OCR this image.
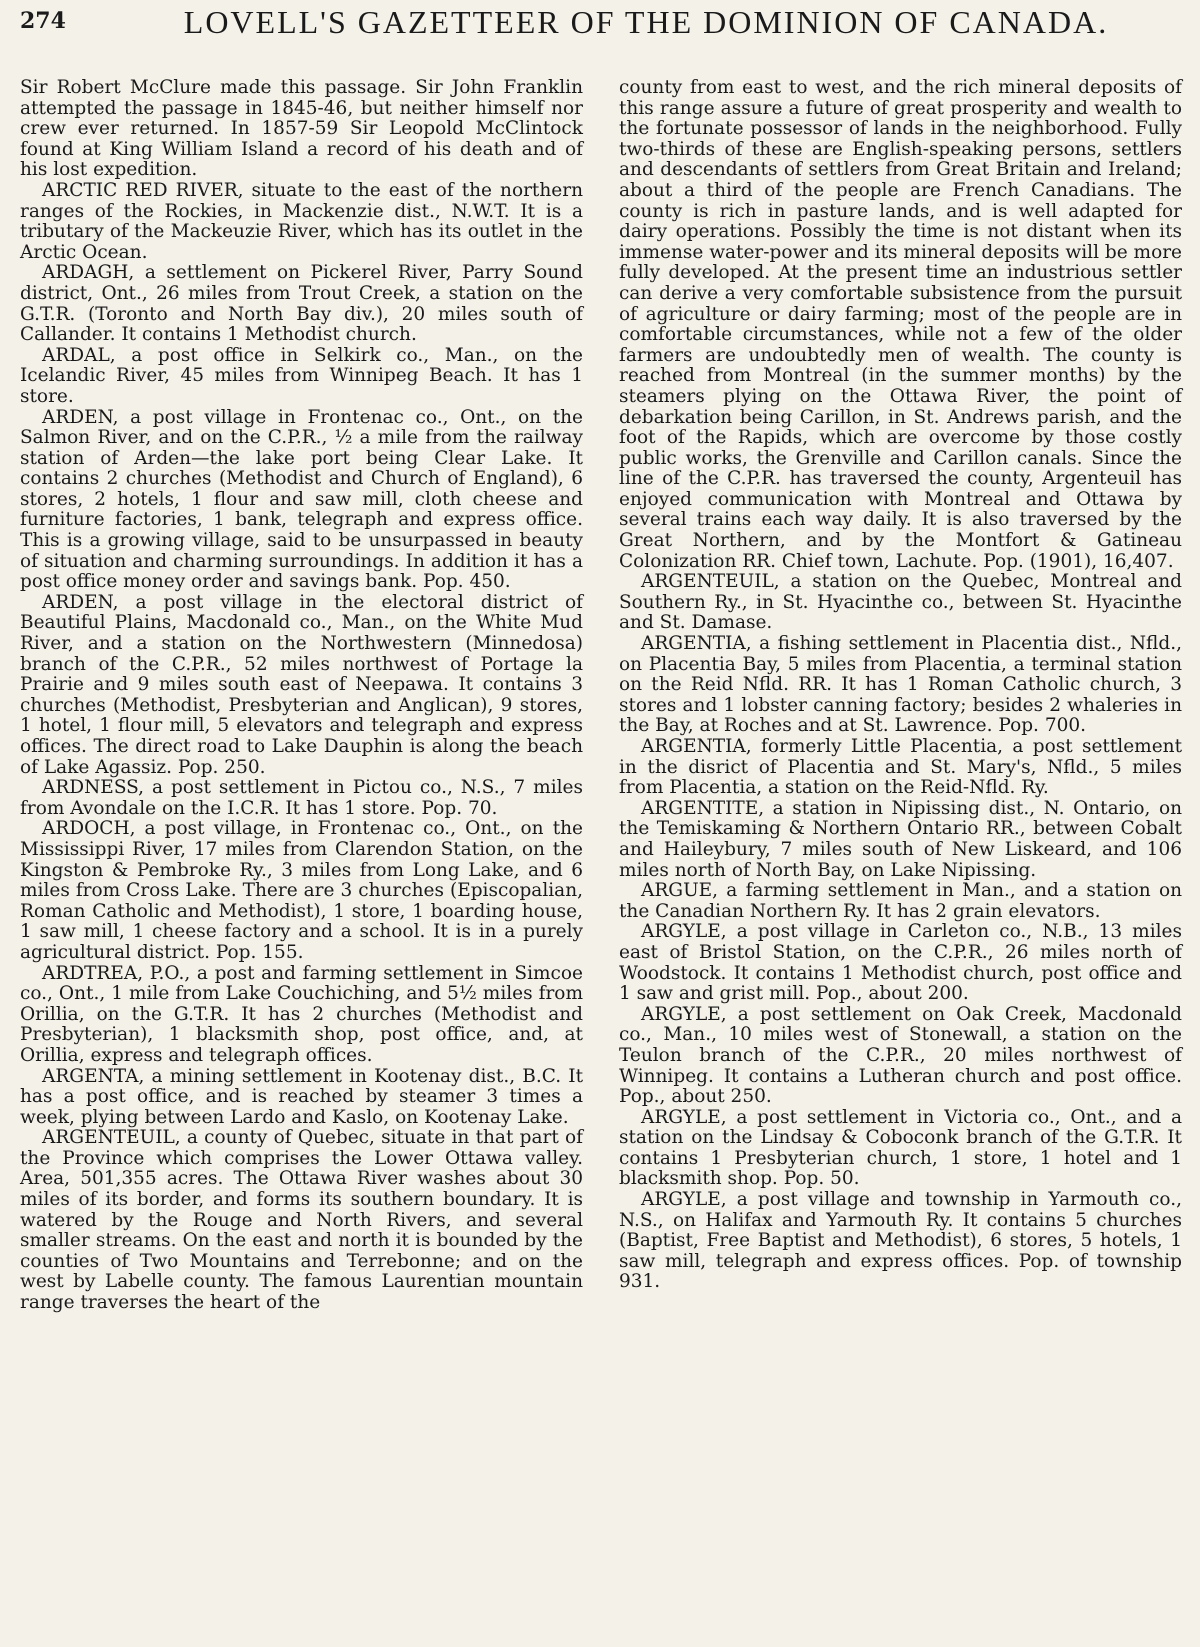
274	LOVELL'S GAZETTEER OF THE DOMINION OF CANADA.

Sir Robert McClure made this passage. Sir John Franklin attempted the passage in 1845-46, but neither himself nor crew ever returned. In 1857-59 Sir Leopold McClintock found at King William Island a record of his death and of his lost expedition.

ARCTIC RED RIVER, situate to the east of the northern ranges of the Rockies, in Mackenzie dist., N.W.T. It is a tributary of the Mackeuzie River, which has its outlet in the Arctic Ocean.

ARDAGH, a settlement on Pickerel River, Parry Sound district, Ont., 26 miles from Trout Creek, a station on the G.T.R. (Toronto and North Bay div.), 20 miles south of Callander. It contains 1 Methodist church.

ARDAL, a post office in Selkirk co., Man., on the Icelandic River, 45 miles from Winnipeg Beach. It has 1 store.

ARDEN, a post village in Frontenac co., Ont., on the Salmon River, and on the C.P.R., ½ a mile from the railway station of Arden—the lake port being Clear Lake. It contains 2 churches (Methodist and Church of England), 6 stores, 2 hotels, 1 flour and saw mill, cloth cheese and furniture factories, 1 bank, telegraph and express office. This is a growing village, said to be unsurpassed in beauty of situation and charming surroundings. In addition it has a post office money order and savings bank. Pop. 450.

ARDEN, a post village in the electoral district of Beautiful Plains, Macdonald co., Man., on the White Mud River, and a station on the Northwestern (Minnedosa) branch of the C.P.R., 52 miles northwest of Portage la Prairie and 9 miles south east of Neepawa. It contains 3 churches (Methodist, Presbyterian and Anglican), 9 stores, 1 hotel, 1 flour mill, 5 elevators and telegraph and express offices. The direct road to Lake Dauphin is along the beach of Lake Agassiz. Pop. 250.

ARDNESS, a post settlement in Pictou co., N.S., 7 miles from Avondale on the I.C.R. It has 1 store. Pop. 70.

ARDOCH, a post village, in Frontenac co., Ont., on the Mississippi River, 17 miles from Clarendon Station, on the Kingston & Pembroke Ry., 3 miles from Long Lake, and 6 miles from Cross Lake. There are 3 churches (Episcopalian, Roman Catholic and Methodist), 1 store, 1 boarding house, 1 saw mill, 1 cheese factory and a school. It is in a purely agricultural district. Pop. 155.

ARDTREA, P.O., a post and farming settlement in Simcoe co., Ont., 1 mile from Lake Couchiching, and 5½ miles from Orillia, on the G.T.R. It has 2 churches (Methodist and Presbyterian), 1 blacksmith shop, post office, and, at Orillia, express and telegraph offices.

ARGENTA, a mining settlement in Kootenay dist., B.C. It has a post office, and is reached by steamer 3 times a week, plying between Lardo and Kaslo, on Kootenay Lake.

ARGENTEUIL, a county of Quebec, situate in that part of the Province which comprises the Lower Ottawa valley. Area, 501,355 acres. The Ottawa River washes about 30 miles of its border, and forms its southern boundary. It is watered by the Rouge and North Rivers, and several smaller streams. On the east and north it is bounded by the counties of Two Mountains and Terrebonne; and on the west by Labelle county. The famous Laurentian mountain range traverses the heart of the

county from east to west, and the rich mineral deposits of this range assure a future of great prosperity and wealth to the fortunate possessor of lands in the neighborhood. Fully two-thirds of these are English-speaking persons, settlers and descendants of settlers from Great Britain and Ireland; about a third of the people are French Canadians. The county is rich in pasture lands, and is well adapted for dairy operations. Possibly the time is not distant when its immense water-power and its mineral deposits will be more fully developed. At the present time an industrious settler can derive a very comfortable subsistence from the pursuit of agriculture or dairy farming; most of the people are in comfortable circumstances, while not a few of the older farmers are undoubtedly men of wealth. The county is reached from Montreal (in the summer months) by the steamers plying on the Ottawa River, the point of debarkation being Carillon, in St. Andrews parish, and the foot of the Rapids, which are overcome by those costly public works, the Grenville and Carillon canals. Since the line of the C.P.R. has traversed the county, Argenteuil has enjoyed communication with Montreal and Ottawa by several trains each way daily. It is also traversed by the Great Northern, and by the Montfort & Gatineau Colonization RR. Chief town, Lachute. Pop. (1901), 16,407.

ARGENTEUIL, a station on the Quebec, Montreal and Southern Ry., in St. Hyacinthe co., between St. Hyacinthe and St. Damase.

ARGENTIA, a fishing settlement in Placentia dist., Nfld., on Placentia Bay, 5 miles from Placentia, a terminal station on the Reid Nfld. RR. It has 1 Roman Catholic church, 3 stores and 1 lobster canning factory; besides 2 whaleries in the Bay, at Roches and at St. Lawrence. Pop. 700.

ARGENTIA, formerly Little Placentia, a post settlement in the disrict of Placentia and St. Mary's, Nfld., 5 miles from Placentia, a station on the Reid-Nfld. Ry.

ARGENTITE, a station in Nipissing dist., N. Ontario, on the Temiskaming & Northern Ontario RR., between Cobalt and Haileybury, 7 miles south of New Liskeard, and 106 miles north of North Bay, on Lake Nipissing.

ARGUE, a farming settlement in Man., and a station on the Canadian Northern Ry. It has 2 grain elevators.

ARGYLE, a post village in Carleton co., N.B., 13 miles east of Bristol Station, on the C.P.R., 26 miles north of Woodstock. It contains 1 Methodist church, post office and 1 saw and grist mill. Pop., about 200.

ARGYLE, a post settlement on Oak Creek, Macdonald co., Man., 10 miles west of Stonewall, a station on the Teulon branch of the C.P.R., 20 miles northwest of Winnipeg. It contains a Lutheran church and post office. Pop., about 250.

ARGYLE, a post settlement in Victoria co., Ont., and a station on the Lindsay & Coboconk branch of the G.T.R. It contains 1 Presbyterian church, 1 store, 1 hotel and 1 blacksmith shop. Pop. 50.

ARGYLE, a post village and township in Yarmouth co., N.S., on Halifax and Yarmouth Ry. It contains 5 churches (Baptist, Free Baptist and Methodist), 6 stores, 5 hotels, 1 saw mill, telegraph and express offices. Pop. of township 931.
